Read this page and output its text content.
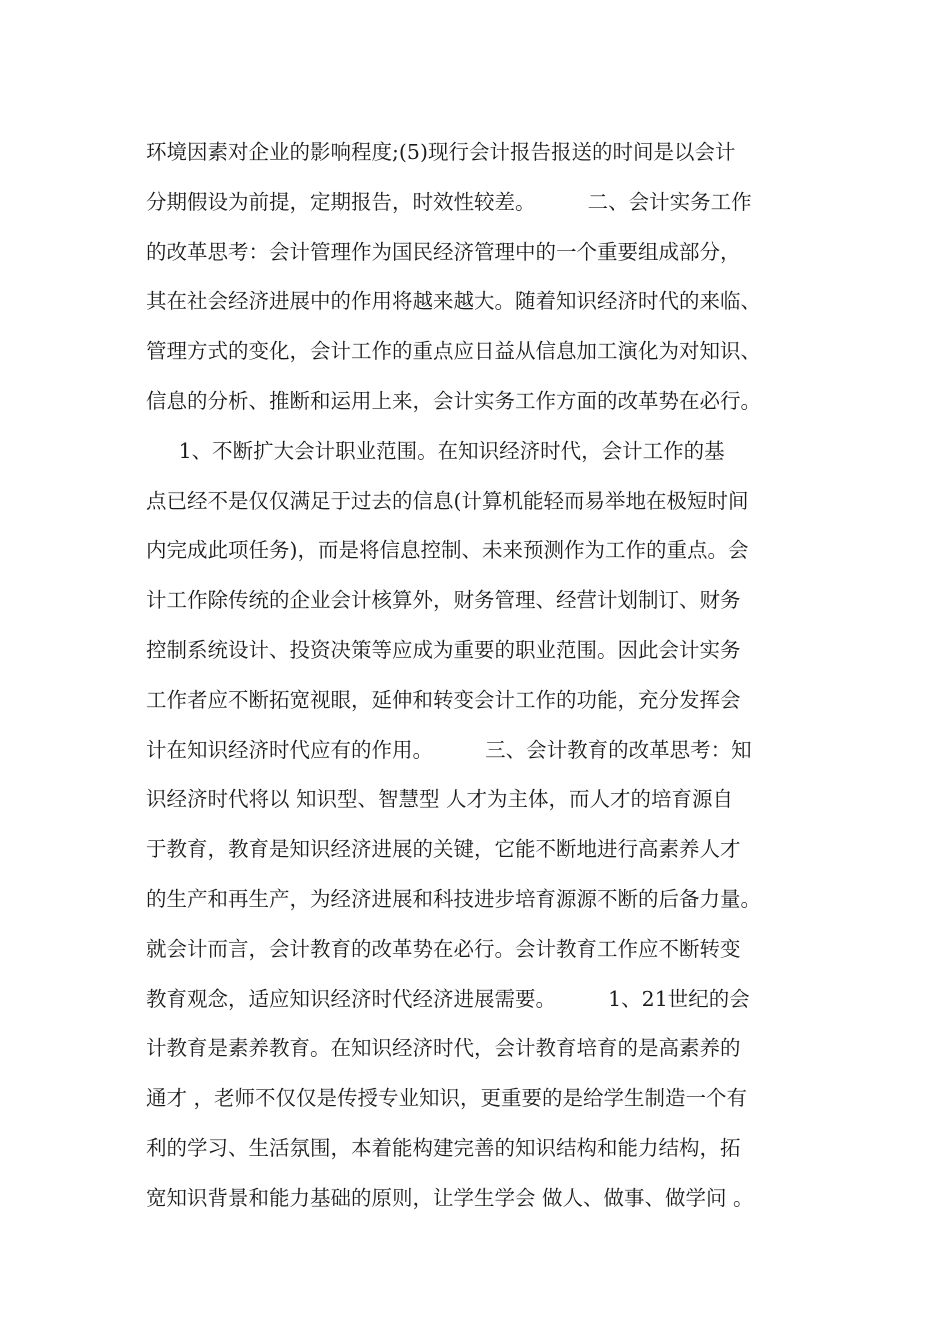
环境因素对企业的影响程度;(5)现行会计报告报送的时间是以会计
分期假设为前提，定期报告，时效性较差。        二、会计实务工作
的改革思考：会计管理作为国民经济管理中的一个重要组成部分，
其在社会经济进展中的作用将越来越大。随着知识经济时代的来临、
管理方式的变化，会计工作的重点应日益从信息加工演化为对知识、
信息的分析、推断和运用上来，会计实务工作方面的改革势在必行。
1、不断扩大会计职业范围。在知识经济时代，会计工作的基
点已经不是仅仅满足于过去的信息(计算机能轻而易举地在极短时间
内完成此项任务)，而是将信息控制、未来预测作为工作的重点。会
计工作除传统的企业会计核算外，财务管理、经营计划制订、财务
控制系统设计、投资决策等应成为重要的职业范围。因此会计实务
工作者应不断拓宽视眼，延伸和转变会计工作的功能，充分发挥会
计在知识经济时代应有的作用。        三、会计教育的改革思考：知
识经济时代将以 知识型、智慧型 人才为主体，而人才的培育源自
于教育，教育是知识经济进展的关键，它能不断地进行高素养人才
的生产和再生产，为经济进展和科技进步培育源源不断的后备力量。
就会计而言，会计教育的改革势在必行。会计教育工作应不断转变
教育观念，适应知识经济时代经济进展需要。        1、21世纪的会
计教育是素养教育。在知识经济时代，会计教育培育的是高素养的
通才 ，老师不仅仅是传授专业知识，更重要的是给学生制造一个有
利的学习、生活氛围，本着能构建完善的知识结构和能力结构，拓
宽知识背景和能力基础的原则，让学生学会 做人、做事、做学问 。
